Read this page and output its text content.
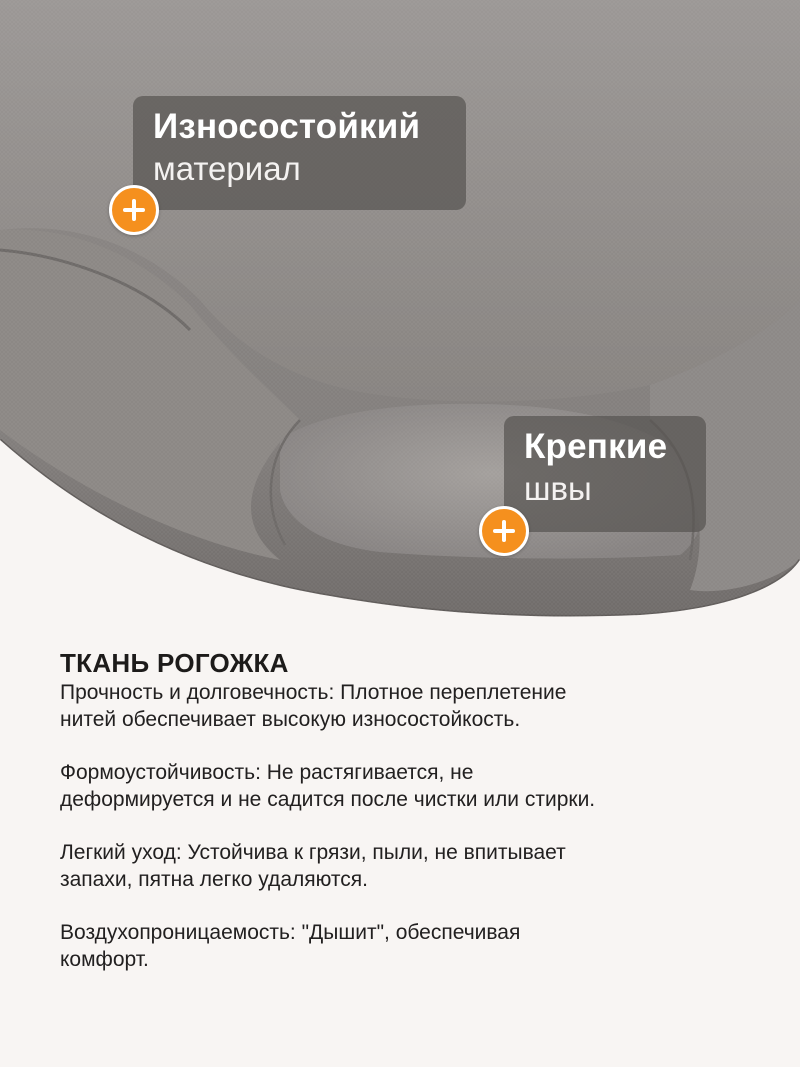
Износостойкий
материал
Крепкие
швы
ТКАНЬ РОГОЖКА

Прочность и долговечность: Плотное переплетение нитей обеспечивает высокую износостойкость.

Формоустойчивость: Не растягивается, не деформируется и не садится после чистки или стирки.

Легкий уход: Устойчива к грязи, пыли, не впитывает запахи, пятна легко удаляются.

Воздухопроницаемость: "Дышит", обеспечивая комфорт.
